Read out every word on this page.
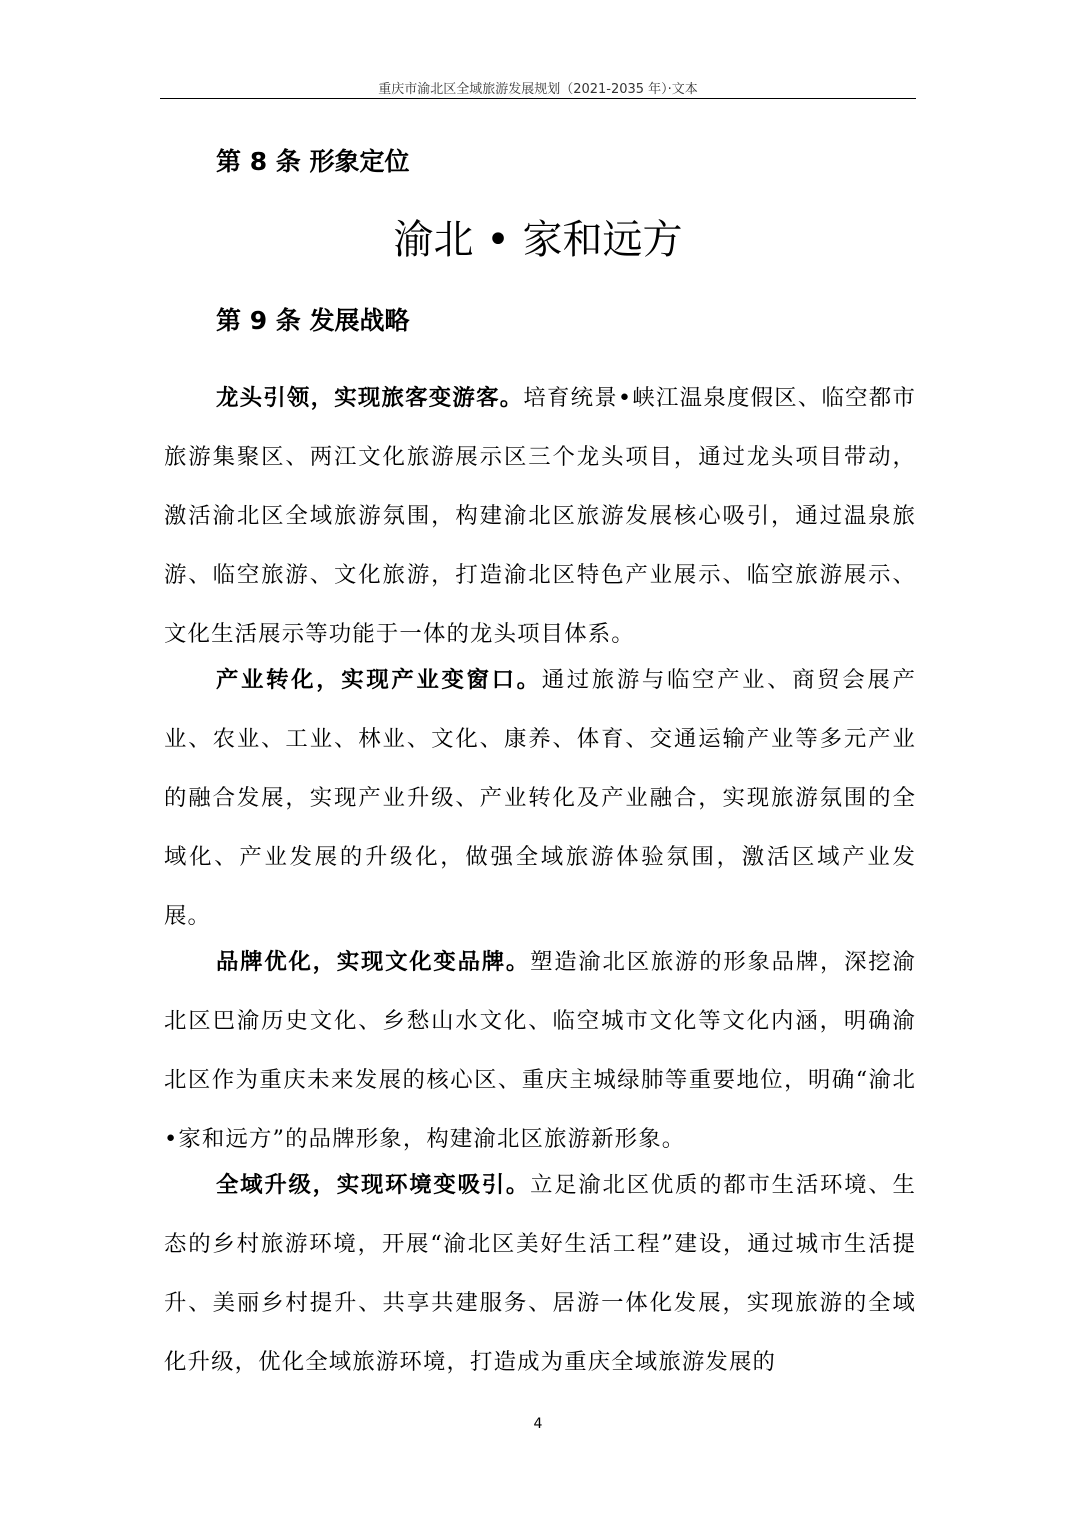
重庆市渝北区全域旅游发展规划（2021-2035 年）·文本
第 8 条 形象定位
渝北 • 家和远方
第 9 条 发展战略

龙头引领，实现旅客变游客。培育统景•峡江温泉度假区、临空都市旅游集聚区、两江文化旅游展示区三个龙头项目，通过龙头项目带动，激活渝北区全域旅游氛围，构建渝北区旅游发展核心吸引，通过温泉旅游、临空旅游、文化旅游，打造渝北区特色产业展示、临空旅游展示、文化生活展示等功能于一体的龙头项目体系。

产业转化，实现产业变窗口。通过旅游与临空产业、商贸会展产业、农业、工业、林业、文化、康养、体育、交通运输产业等多元产业的融合发展，实现产业升级、产业转化及产业融合，实现旅游氛围的全域化、产业发展的升级化，做强全域旅游体验氛围，激活区域产业发展。

品牌优化，实现文化变品牌。塑造渝北区旅游的形象品牌，深挖渝北区巴渝历史文化、乡愁山水文化、临空城市文化等文化内涵，明确渝北区作为重庆未来发展的核心区、重庆主城绿肺等重要地位，明确“渝北•家和远方”的品牌形象，构建渝北区旅游新形象。

全域升级，实现环境变吸引。立足渝北区优质的都市生活环境、生态的乡村旅游环境，开展“渝北区美好生活工程”建设，通过城市生活提升、美丽乡村提升、共享共建服务、居游一体化发展，实现旅游的全域化升级，优化全域旅游环境，打造成为重庆全域旅游发展的

4
